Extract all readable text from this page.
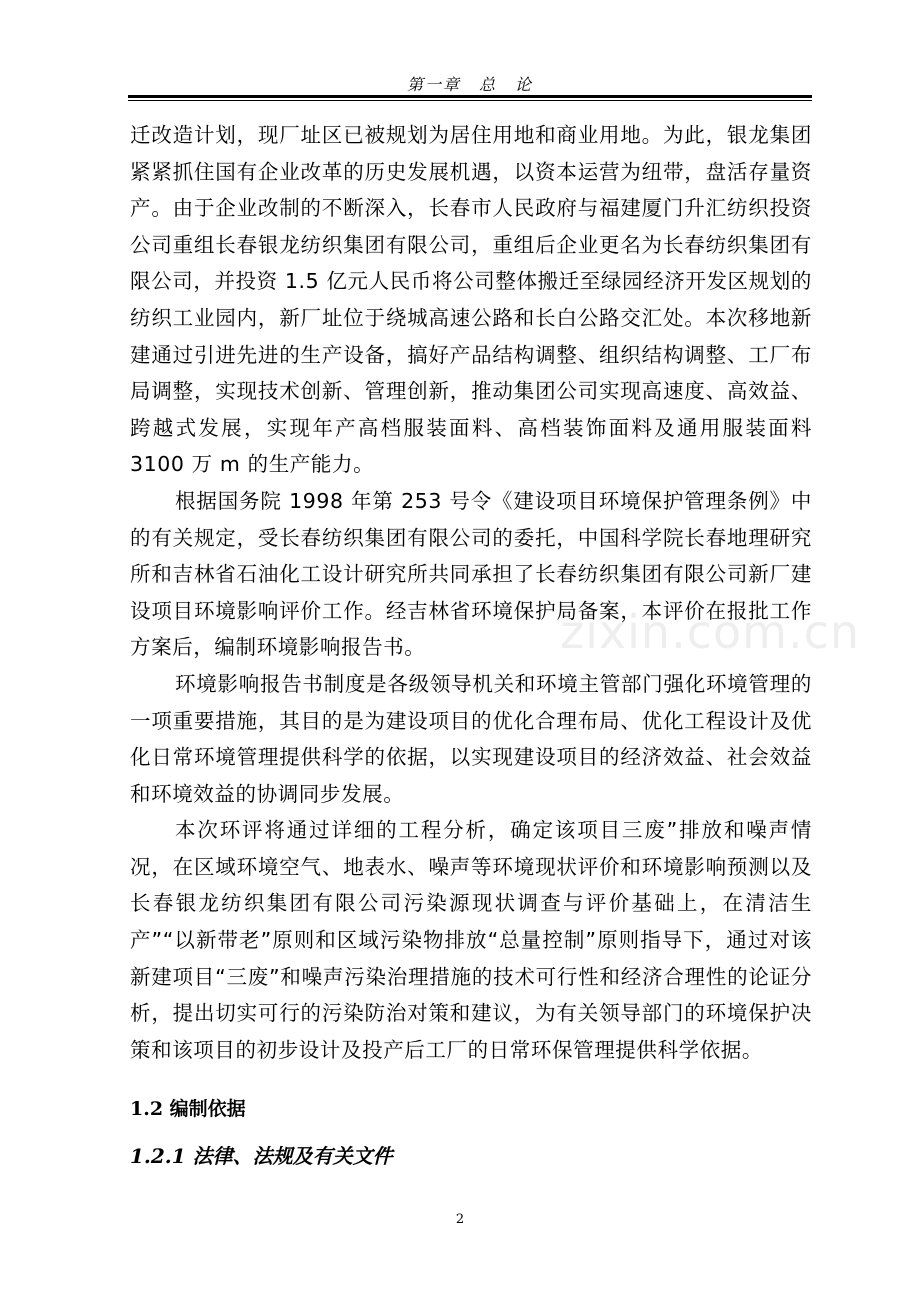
第一章　总　论
zixin.com.cn

迁改造计划，现厂址区已被规划为居住用地和商业用地。为此，银龙集团紧紧抓住国有企业改革的历史发展机遇，以资本运营为纽带，盘活存量资产。由于企业改制的不断深入，长春市人民政府与福建厦门升汇纺织投资公司重组长春银龙纺织集团有限公司，重组后企业更名为长春纺织集团有限公司，并投资 1.5 亿元人民币将公司整体搬迁至绿园经济开发区规划的纺织工业园内，新厂址位于绕城高速公路和长白公路交汇处。本次移地新建通过引进先进的生产设备，搞好产品结构调整、组织结构调整、工厂布局调整，实现技术创新、管理创新，推动集团公司实现高速度、高效益、跨越式发展，实现年产高档服装面料、高档装饰面料及通用服装面料 3100 万 m 的生产能力。

根据国务院 1998 年第 253 号令《建设项目环境保护管理条例》中的有关规定，受长春纺织集团有限公司的委托，中国科学院长春地理研究所和吉林省石油化工设计研究所共同承担了长春纺织集团有限公司新厂建设项目环境影响评价工作。经吉林省环境保护局备案，本评价在报批工作方案后，编制环境影响报告书。

环境影响报告书制度是各级领导机关和环境主管部门强化环境管理的一项重要措施，其目的是为建设项目的优化合理布局、优化工程设计及优化日常环境管理提供科学的依据，以实现建设项目的经济效益、社会效益和环境效益的协调同步发展。

本次环评将通过详细的工程分析，确定该项目三废”排放和噪声情况，在区域环境空气、地表水、噪声等环境现状评价和环境影响预测以及长春银龙纺织集团有限公司污染源现状调查与评价基础上，在清洁生产”“以新带老”原则和区域污染物排放“总量控制”原则指导下，通过对该新建项目“三废”和噪声污染治理措施的技术可行性和经济合理性的论证分析，提出切实可行的污染防治对策和建议，为有关领导部门的环境保护决策和该项目的初步设计及投产后工厂的日常环保管理提供科学依据。

1.2 编制依据
1.2.1 法律、法规及有关文件
2
